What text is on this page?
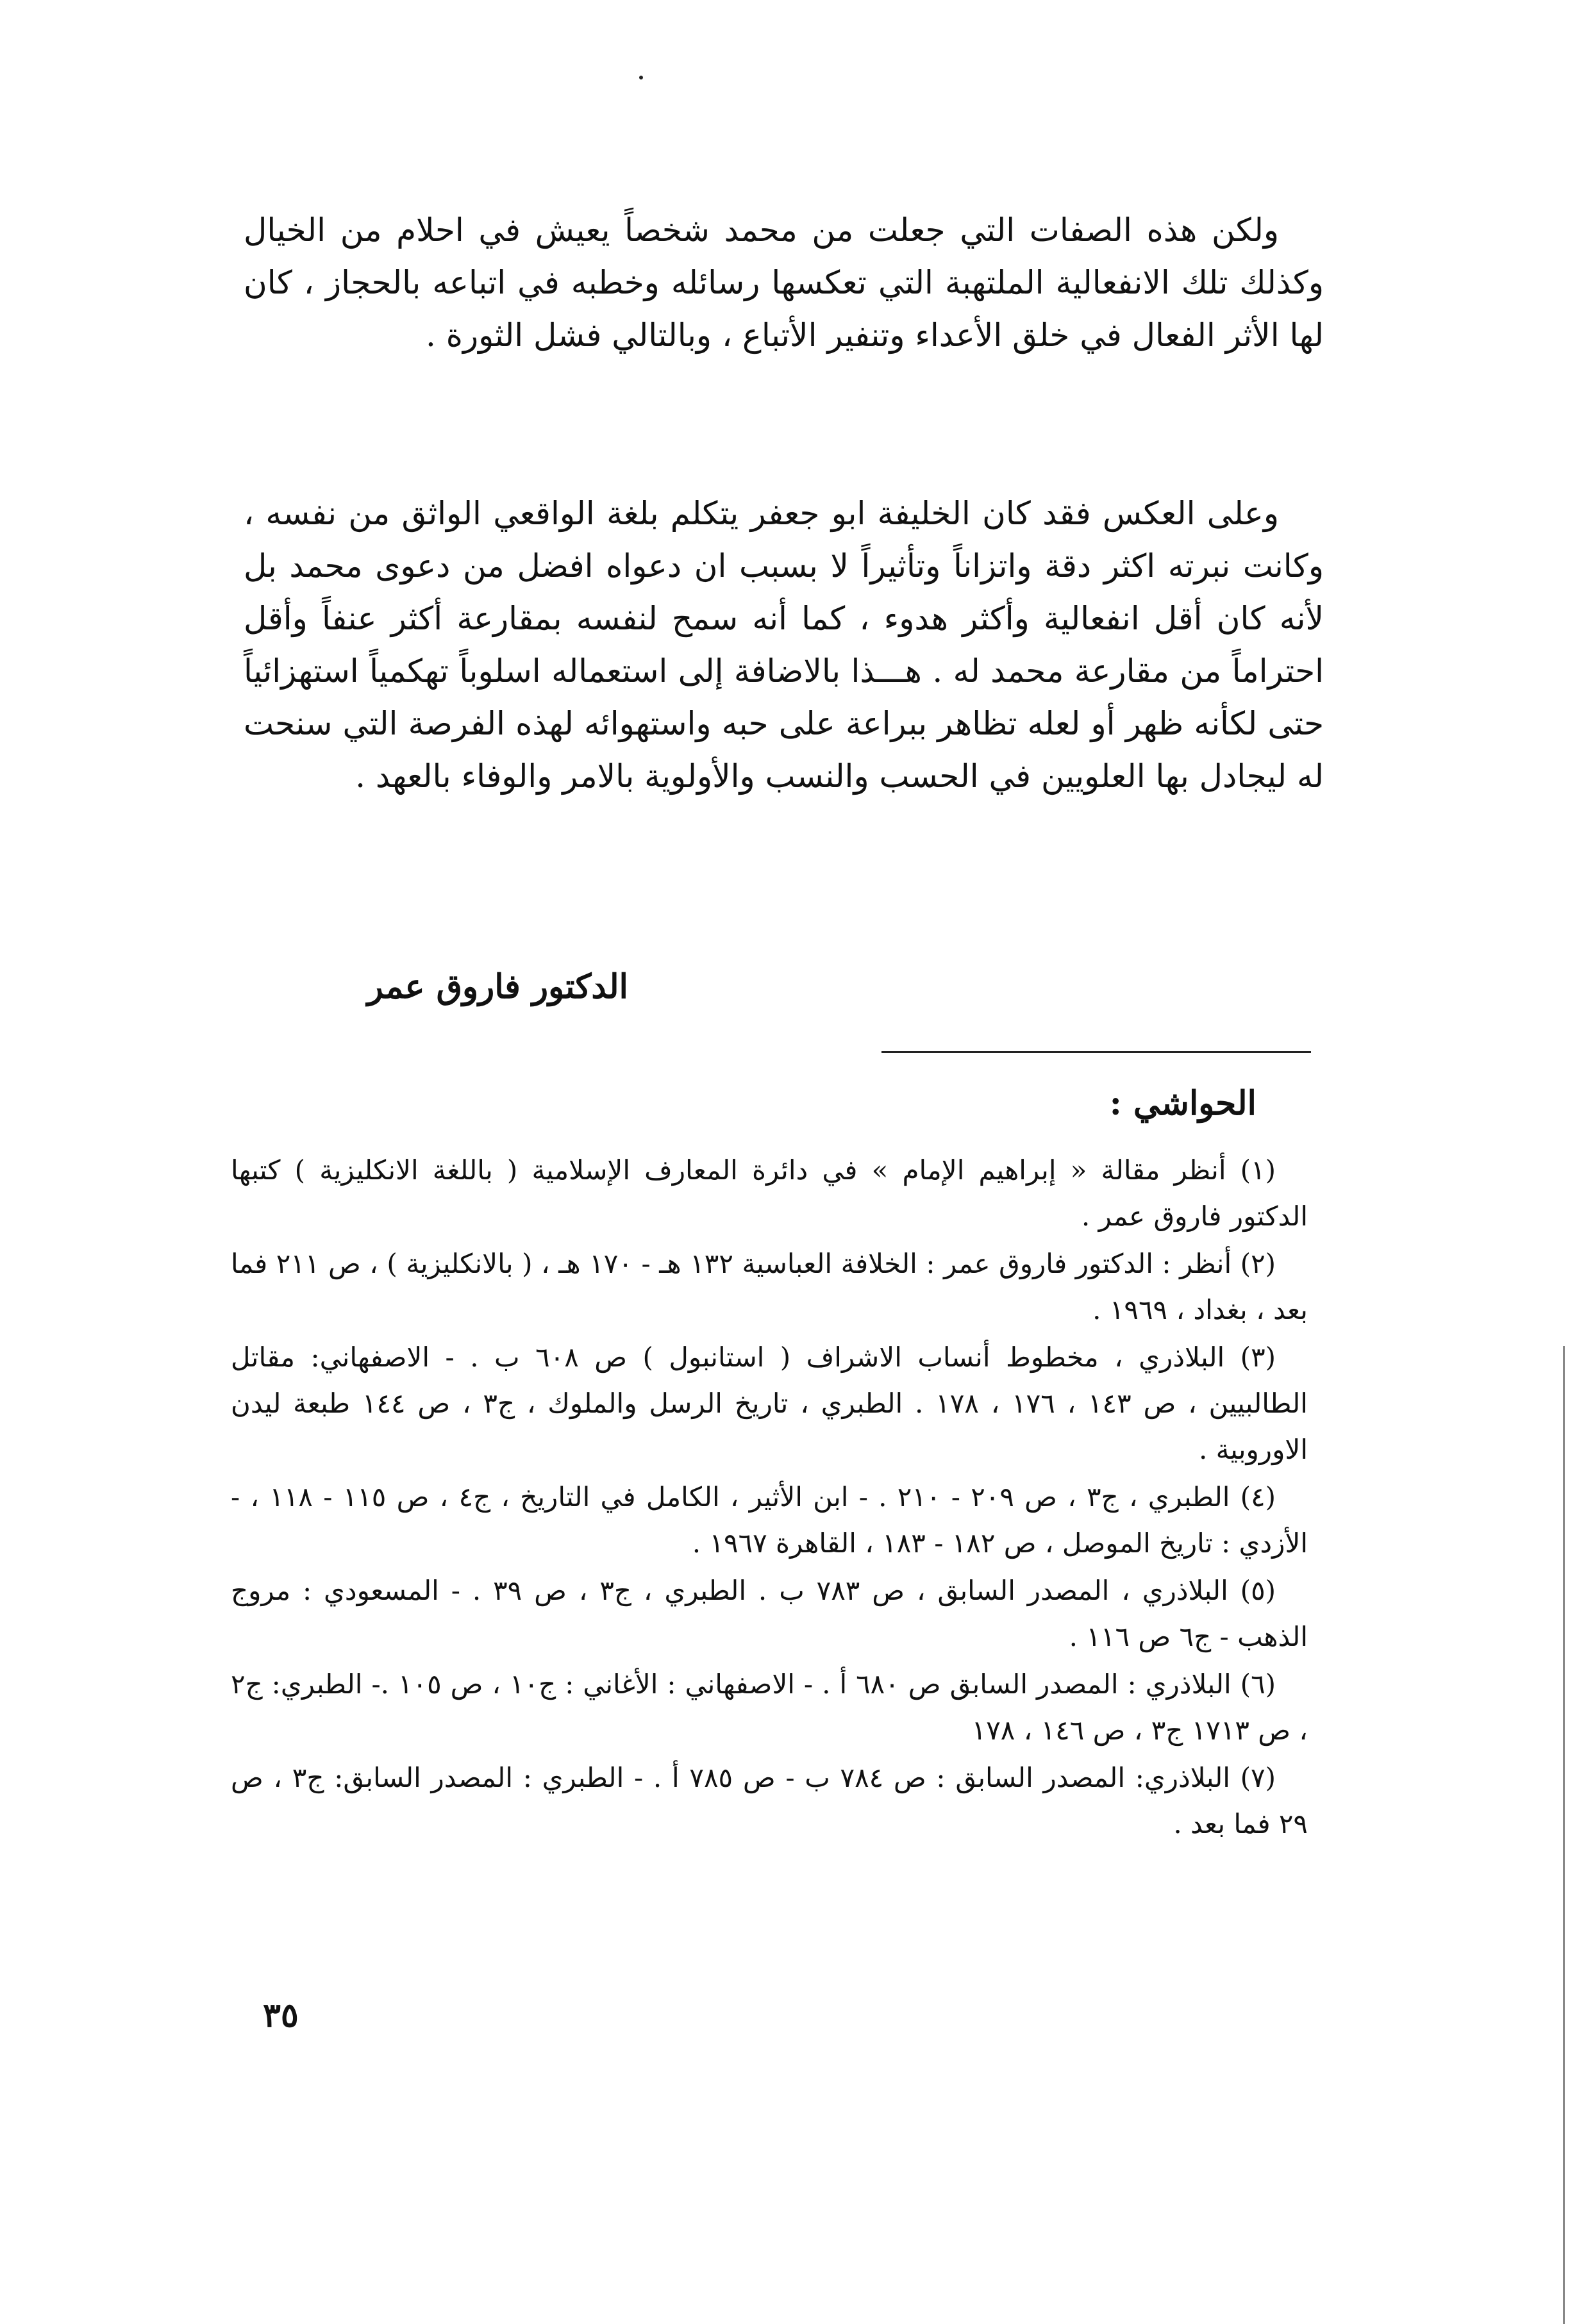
ولكن هذه الصفات التي جعلت من محمد شخصاً يعيش في احلام من الخيال وكذلك تلك الانفعالية الملتهبة التي تعكسها رسائله وخطبه في اتباعه بالحجاز ، كان لها الأثر الفعال في خلق الأعداء وتنفير الأتباع ، وبالتالي فشل الثورة .

وعلى العكس فقد كان الخليفة ابو جعفر يتكلم بلغة الواقعي الواثق من نفسه ، وكانت نبرته اكثر دقة واتزاناً وتأثيراً لا بسبب ان دعواه افضل من دعوى محمد بل لأنه كان أقل انفعالية وأكثر هدوء ، كما أنه سمح لنفسه بمقارعة أكثر عنفاً وأقل احتراماً من مقارعة محمد له . هـــذا بالاضافة إلى استعماله اسلوباً تهكمياً استهزائياً حتى لكأنه ظهر أو لعله تظاهر ببراعة على حبه واستهوائه لهذه الفرصة التي سنحت له ليجادل بها العلويين في الحسب والنسب والأولوية بالامر والوفاء بالعهد .

الدكتور فاروق عمر
الحواشي :

(١) أنظر مقالة « إبراهيم الإمام » في دائرة المعارف الإسلامية ( باللغة الانكليزية ) كتبها الدكتور فاروق عمر .

(٢) أنظر : الدكتور فاروق عمر : الخلافة العباسية ١٣٢ هـ - ١٧٠ هـ ، ( بالانكليزية ) ، ص ٢١١ فما بعد ، بغداد ، ١٩٦٩ .

(٣) البلاذري ، مخطوط أنساب الاشراف ( استانبول ) ص ٦٠٨ ب . - الاصفهاني: مقاتل الطالبيين ، ص ١٤٣ ، ١٧٦ ، ١٧٨ . الطبري ، تاريخ الرسل والملوك ، ج٣ ، ص ١٤٤ طبعة ليدن الاوروبية .

(٤) الطبري ، ج٣ ، ص ٢٠٩ - ٢١٠ . - ابن الأثير ، الكامل في التاريخ ، ج٤ ، ص ١١٥ - ١١٨ ، - الأزدي : تاريخ الموصل ، ص ١٨٢ - ١٨٣ ، القاهرة ١٩٦٧ .

(٥) البلاذري ، المصدر السابق ، ص ٧٨٣ ب . الطبري ، ج٣ ، ص ٣٩ . - المسعودي : مروج الذهب - ج٦ ص ١١٦ .

(٦) البلاذري : المصدر السابق ص ٦٨٠ أ . - الاصفهاني : الأغاني : ج١٠ ، ص ١٠٥ .- الطبري: ج٢ ، ص ١٧١٣ ج٣ ، ص ١٤٦ ، ١٧٨

(٧) البلاذري: المصدر السابق : ص ٧٨٤ ب - ص ٧٨٥ أ . - الطبري : المصدر السابق: ج٣ ، ص ٢٩ فما بعد .

٣٥
